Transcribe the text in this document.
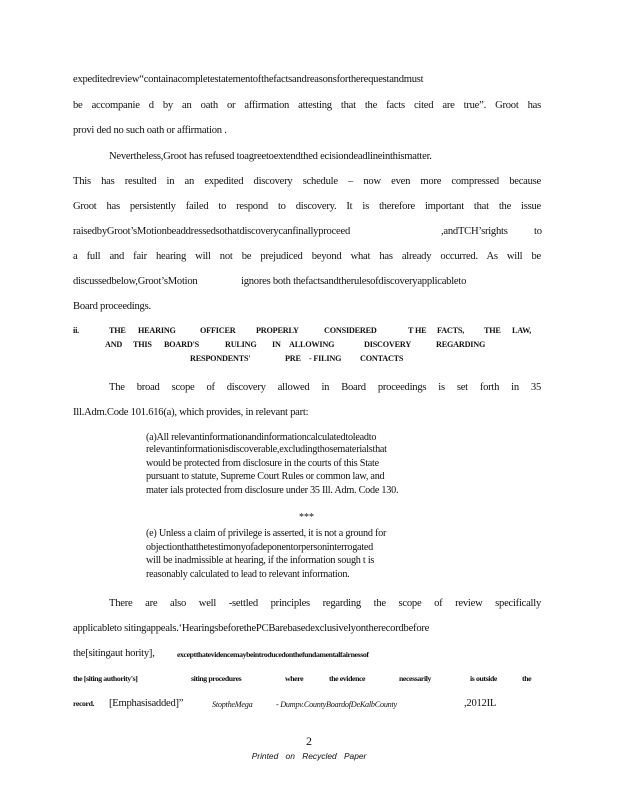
expeditedreview“containacompletestatementofthefactsandreasonsfortherequestandmust
be accompanie d by an oath or affirmation attesting that the facts cited are true”. Groot has
provi ded no such oath or affirmation .
Nevertheless,Groot has refused toagreetoextendthed ecisiondeadlineinthismatter.
This has resulted in an expedited discovery schedule – now even more compressed because
Groot has persistently failed to respond to discovery. It is therefore important that the issue
raisedbyGroot’sMotionbeaddressedsothatdiscoverycanfinallyproceed	,andTCH’srights to
a full and fair hearing will not be prejudiced beyond what has already occurred. As will be
discussedbelow,Groot’sMotion	ignores both thefactsandtherulesofdiscoveryapplicableto
Board proceedings.
ii.	THE HEARING	OFFICER	PROPERLY	CONSIDERED	T HE FACTS, THE LAW,
AND THIS BOARD'S	RULING IN ALLOWING	DISCOVERY	REGARDING
RESPONDENTS'	PRE - FILING CONTACTS
The broad scope of discovery allowed in Board proceedings is set forth in 35
Ill.Adm.Code 101.616(a), which provides, in relevant part:
(a)All relevantinformationandinformationcalculatedtoleadto
relevantinformationisdiscoverable,excludingthosematerialsthat
would be protected from disclosure in the courts of this State
pursuant to statute, Supreme Court Rules or common law, and
mater ials protected from disclosure under 35 Ill. Adm. Code 130.
***
(e) Unless a claim of privilege is asserted, it is not a ground for
objectionthatthetestimonyofadeponentorpersoninterrogated
will be inadmissible at hearing, if the information sough t is
reasonably calculated to lead to relevant information.
There are also well -settled principles regarding the scope of review specifically
applicableto sitingappeals.‘HearingsbeforethePCBarebasedexclusivelyontherecordbefore
the[sitingaut hority],	exceptthatevidencemaybeintroducedonthefundamentalfairnessof
the [siting authority's]	siting procedures	where	the evidence	necessarily	is outside	the
record. [Emphasisadded]”	StoptheMega	- Dumpv.CountyBoardofDeKalbCounty	,2012IL
2
Printed on Recycled Paper
